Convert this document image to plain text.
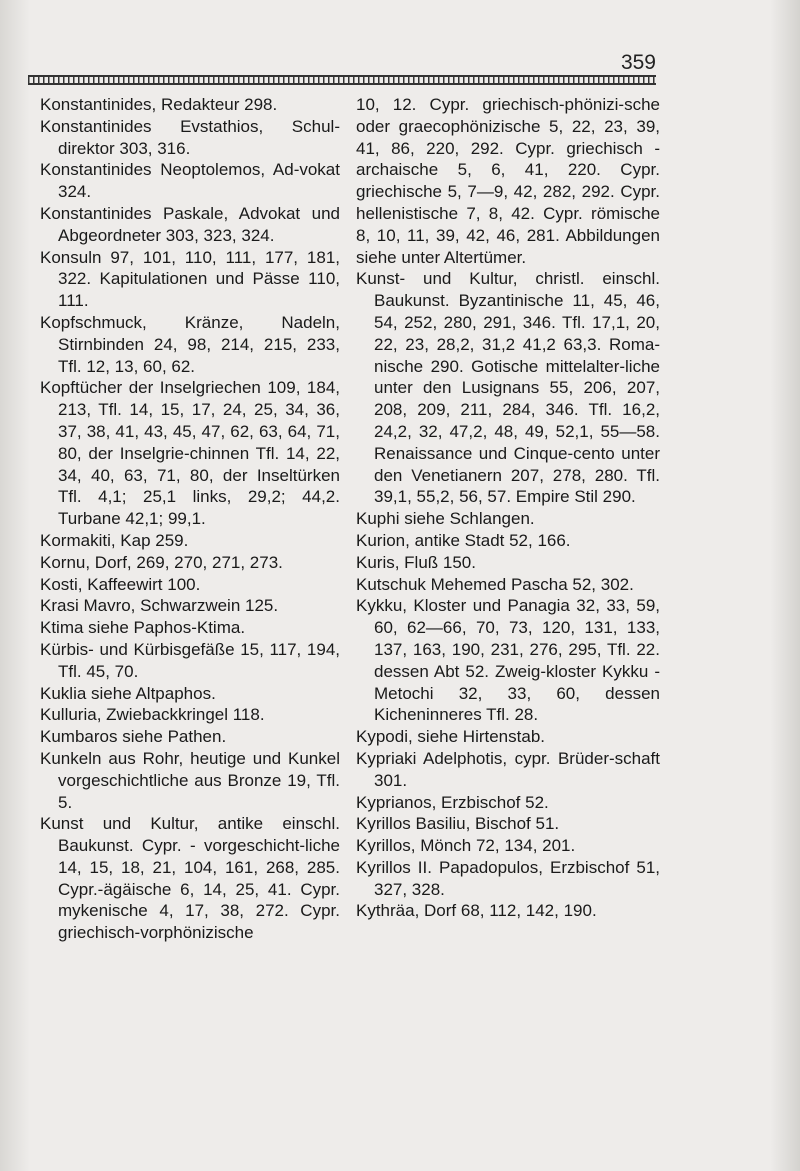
359

Konstantinides, Redakteur 298.

Konstantinides Evstathios, Schul-direktor 303, 316.

Konstantinides Neoptolemos, Ad-vokat 324.

Konstantinides Paskale, Advokat und Abgeordneter 303, 323, 324.

Konsuln 97, 101, 110, 111, 177, 181, 322. Kapitulationen und Pässe 110, 111.

Kopfschmuck, Kränze, Nadeln, Stirnbinden 24, 98, 214, 215, 233, Tfl. 12, 13, 60, 62.

Kopftücher der Inselgriechen 109, 184, 213, Tfl. 14, 15, 17, 24, 25, 34, 36, 37, 38, 41, 43, 45, 47, 62, 63, 64, 71, 80, der Inselgrie-chinnen Tfl. 14, 22, 34, 40, 63, 71, 80, der Inseltürken Tfl. 4,1; 25,1 links, 29,2; 44,2. Turbane 42,1; 99,1.

Kormakiti, Kap 259.

Kornu, Dorf, 269, 270, 271, 273.

Kosti, Kaffeewirt 100.

Krasi Mavro, Schwarzwein 125.

Ktima siehe Paphos-Ktima.

Kürbis- und Kürbisgefäße 15, 117, 194, Tfl. 45, 70.

Kuklia siehe Altpaphos.

Kulluria, Zwiebackkringel 118.

Kumbaros siehe Pathen.

Kunkeln aus Rohr, heutige und Kunkel vorgeschichtliche aus Bronze 19, Tfl. 5.

Kunst und Kultur, antike einschl. Baukunst. Cypr. - vorgeschicht-liche 14, 15, 18, 21, 104, 161, 268, 285. Cypr.-ägäische 6, 14, 25, 41. Cypr. mykenische 4, 17, 38, 272. Cypr. griechisch-vorphönizische

10, 12. Cypr. griechisch-phönizi-sche oder graecophönizische 5, 22, 23, 39, 41, 86, 220, 292. Cypr. griechisch - archaische 5, 6, 41, 220. Cypr. griechische 5, 7—9, 42, 282, 292. Cypr. hellenistische 7, 8, 42. Cypr. römische 8, 10, 11, 39, 42, 46, 281. Abbildungen siehe unter Altertümer.

Kunst- und Kultur, christl. einschl. Baukunst. Byzantinische 11, 45, 46, 54, 252, 280, 291, 346. Tfl. 17,1, 20, 22, 23, 28,2, 31,2 41,2 63,3. Roma-nische 290. Gotische mittelalter-liche unter den Lusignans 55, 206, 207, 208, 209, 211, 284, 346. Tfl. 16,2, 24,2, 32, 47,2, 48, 49, 52,1, 55—58. Renaissance und Cinque-cento unter den Venetianern 207, 278, 280. Tfl. 39,1, 55,2, 56, 57. Empire Stil 290.

Kuphi siehe Schlangen.

Kurion, antike Stadt 52, 166.

Kuris, Fluß 150.

Kutschuk Mehemed Pascha 52, 302.

Kykku, Kloster und Panagia 32, 33, 59, 60, 62—66, 70, 73, 120, 131, 133, 137, 163, 190, 231, 276, 295, Tfl. 22. dessen Abt 52. Zweig-kloster Kykku - Metochi 32, 33, 60, dessen Kicheninneres Tfl. 28.

Kypodi, siehe Hirtenstab.

Kypriaki Adelphotis, cypr. Brüder-schaft 301.

Kyprianos, Erzbischof 52.

Kyrillos Basiliu, Bischof 51.

Kyrillos, Mönch 72, 134, 201.

Kyrillos II. Papadopulos, Erzbischof 51, 327, 328.

Kythräa, Dorf 68, 112, 142, 190.
